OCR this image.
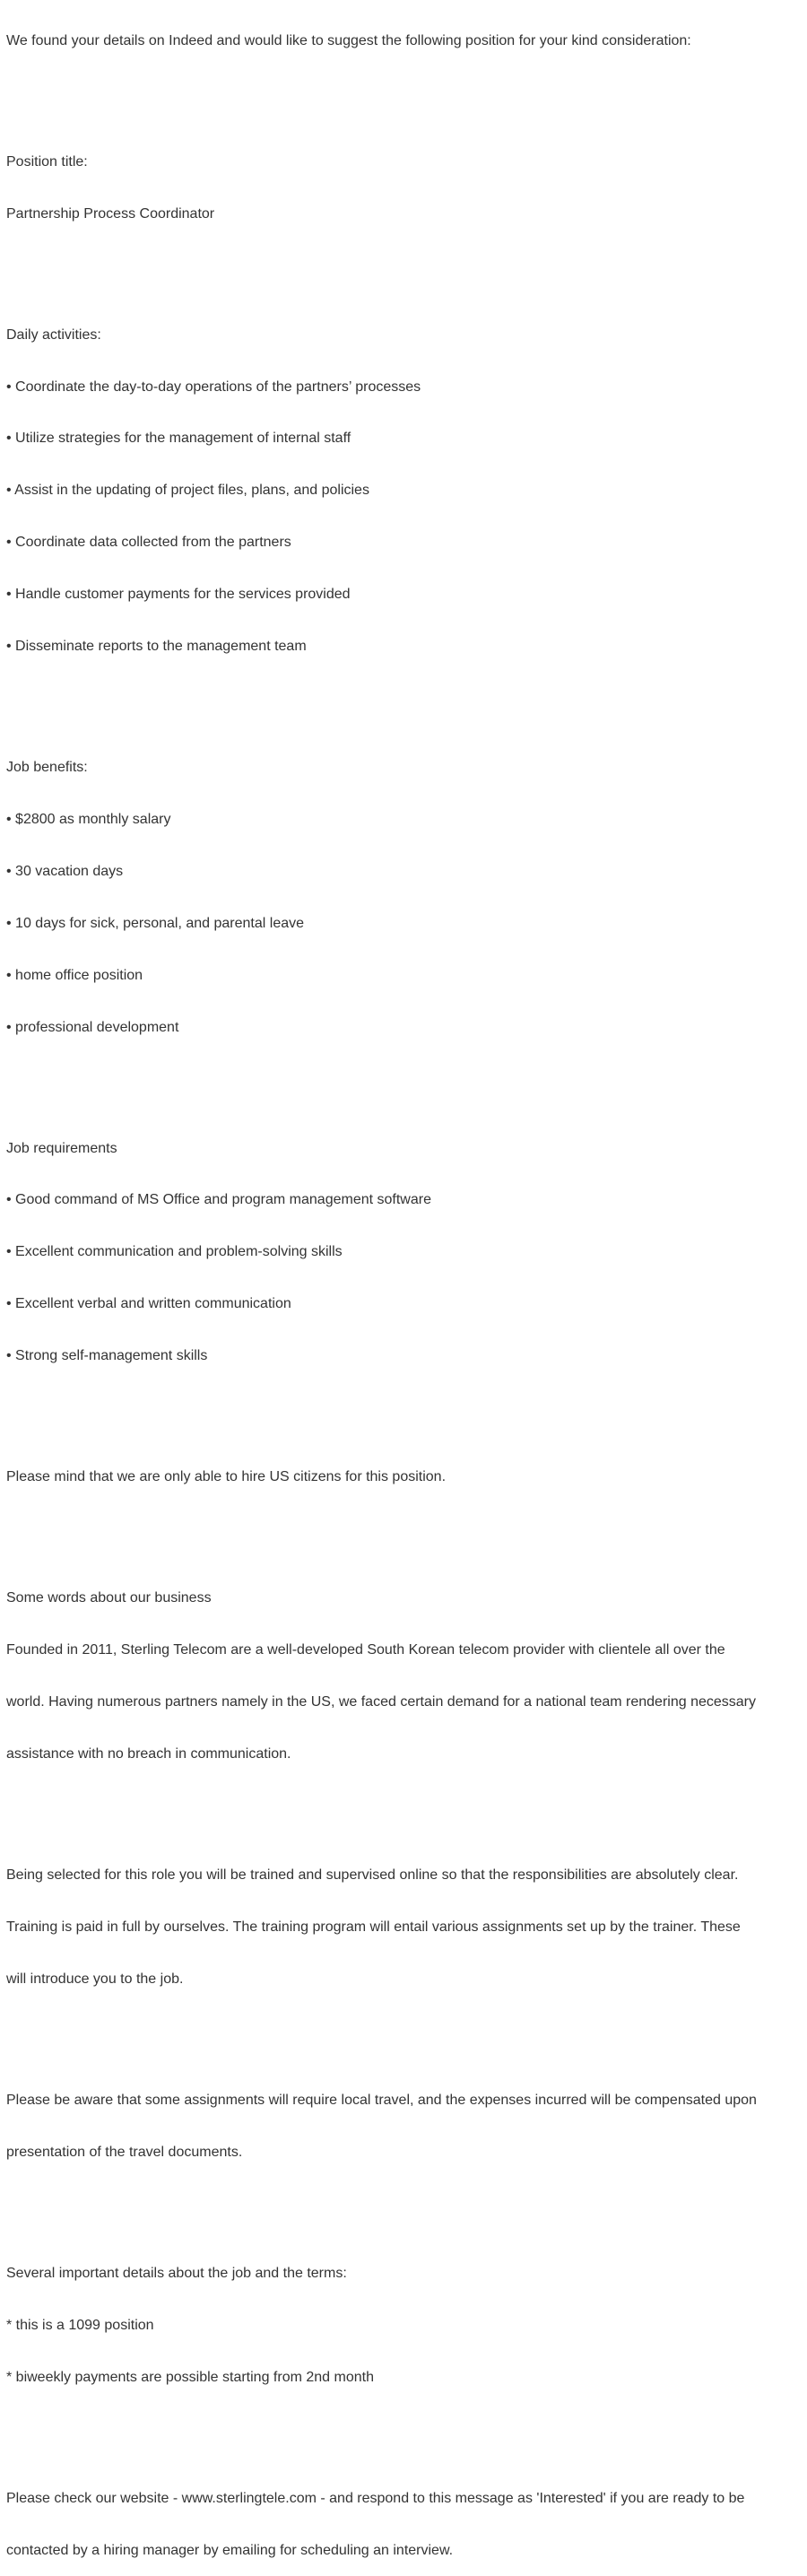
We found your details on Indeed and would like to suggest the following position for your kind consideration:

Position title:

Partnership Process Coordinator

Daily activities:

• Coordinate the day-to-day operations of the partners’ processes

• Utilize strategies for the management of internal staff

• Assist in the updating of project files, plans, and policies

• Coordinate data collected from the partners

• Handle customer payments for the services provided

• Disseminate reports to the management team

Job benefits:

• $2800 as monthly salary

• 30 vacation days

• 10 days for sick, personal, and parental leave

• home office position

• professional development

Job requirements

• Good command of MS Office and program management software

• Excellent communication and problem-solving skills

• Excellent verbal and written communication

• Strong self-management skills

Please mind that we are only able to hire US citizens for this position.

Some words about our business

Founded in 2011, Sterling Telecom are a well-developed South Korean telecom provider with clientele all over the

world. Having numerous partners namely in the US, we faced certain demand for a national team rendering necessary

assistance with no breach in communication.

Being selected for this role you will be trained and supervised online so that the responsibilities are absolutely clear.

Training is paid in full by ourselves. The training program will entail various assignments set up by the trainer. These

will introduce you to the job.

Please be aware that some assignments will require local travel, and the expenses incurred will be compensated upon

presentation of the travel documents.

Several important details about the job and the terms:

* this is a 1099 position

* biweekly payments are possible starting from 2nd month

Please check our website - www.sterlingtele.com - and respond to this message as 'Interested' if you are ready to be

contacted by a hiring manager by emailing for scheduling an interview.
